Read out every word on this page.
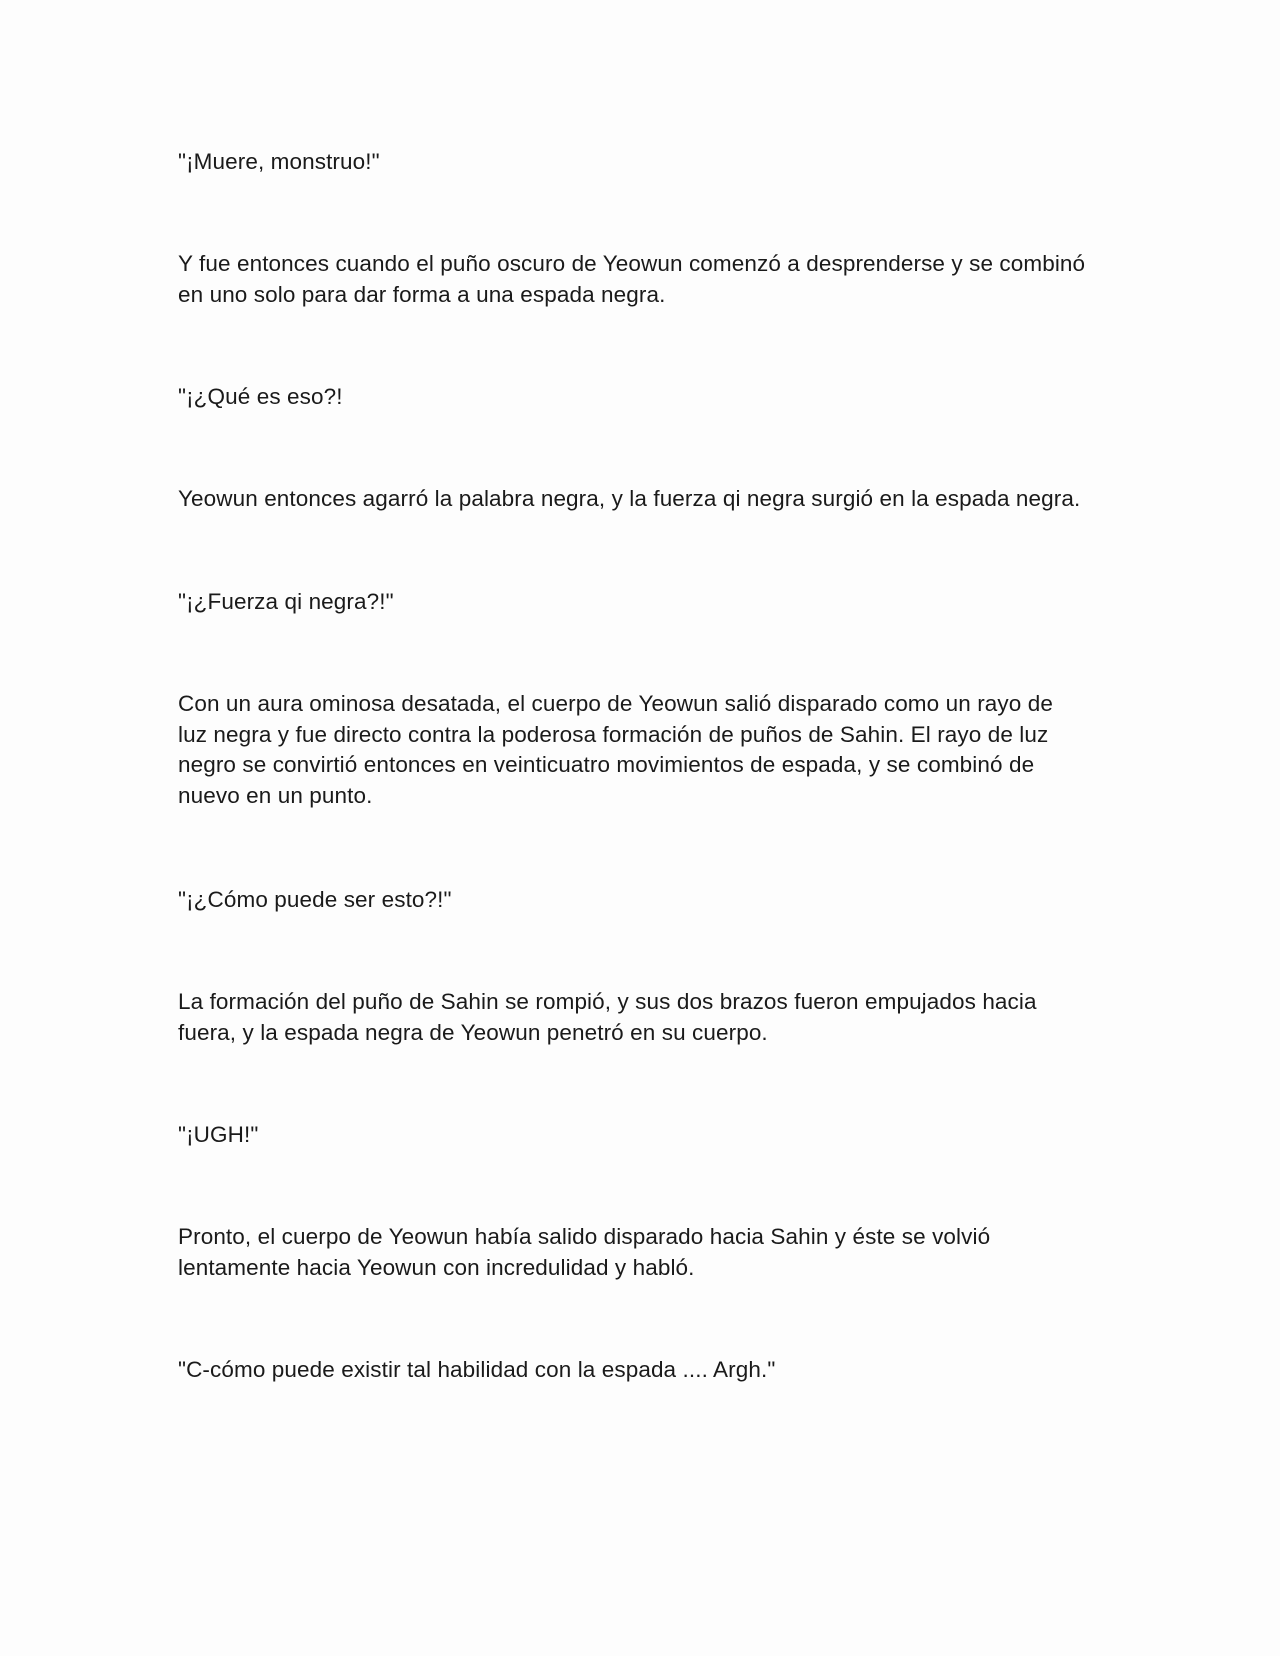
"¡Muere, monstruo!"

Y fue entonces cuando el puño oscuro de Yeowun comenzó a desprenderse y se combinó
en uno solo para dar forma a una espada negra.

"¡¿Qué es eso?!

Yeowun entonces agarró la palabra negra, y la fuerza qi negra surgió en la espada negra.

"¡¿Fuerza qi negra?!"

Con un aura ominosa desatada, el cuerpo de Yeowun salió disparado como un rayo de
luz negra y fue directo contra la poderosa formación de puños de Sahin. El rayo de luz
negro se convirtió entonces en veinticuatro movimientos de espada, y se combinó de
nuevo en un punto.

"¡¿Cómo puede ser esto?!"

La formación del puño de Sahin se rompió, y sus dos brazos fueron empujados hacia
fuera, y la espada negra de Yeowun penetró en su cuerpo.

"¡UGH!"

Pronto, el cuerpo de Yeowun había salido disparado hacia Sahin y éste se volvió
lentamente hacia Yeowun con incredulidad y habló.

"C-cómo puede existir tal habilidad con la espada .... Argh."
